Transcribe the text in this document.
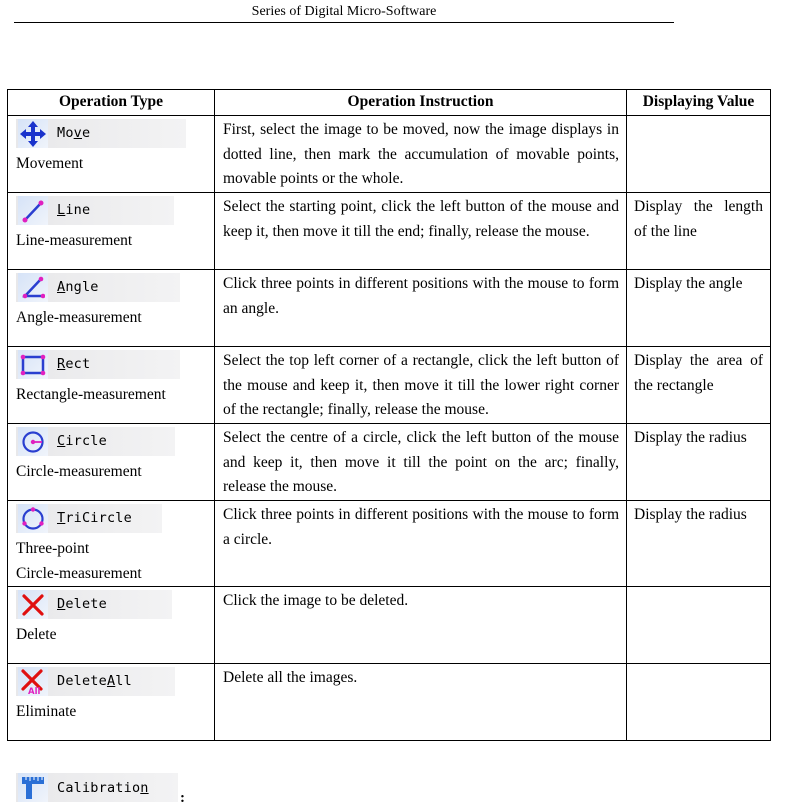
Series of Digital Micro-Software
Operation Type	Operation Instruction	Displaying Value

Move
Movement	First, select the image to be moved, now the image displays in dotted line, then mark the accumulation of movable points, movable points or the whole.	

Line
Line-measurement	Select the starting point, click the left button of the mouse and keep it, then move it till the end; finally, release the mouse.	Display the length of the line

Angle
Angle-measurement	Click three points in different positions with the mouse to form an angle.	Display the angle

Rect
Rectangle-measurement	Select the top left corner of a rectangle, click the left button of the mouse and keep it, then move it till the lower right corner of the rectangle; finally, release the mouse.	Display the area of the rectangle

Circle
Circle-measurement	Select the centre of a circle, click the left button of the mouse and keep it, then move it till the point on the arc; finally, release the mouse.	Display the radius

TriCircle
Three-point
Circle-measurement	Click three points in different positions with the mouse to form a circle.	Display the radius

Delete
Delete	Click the image to be deleted.	

All
DeleteAll
Eliminate	Delete all the images.	
Calibration
:
